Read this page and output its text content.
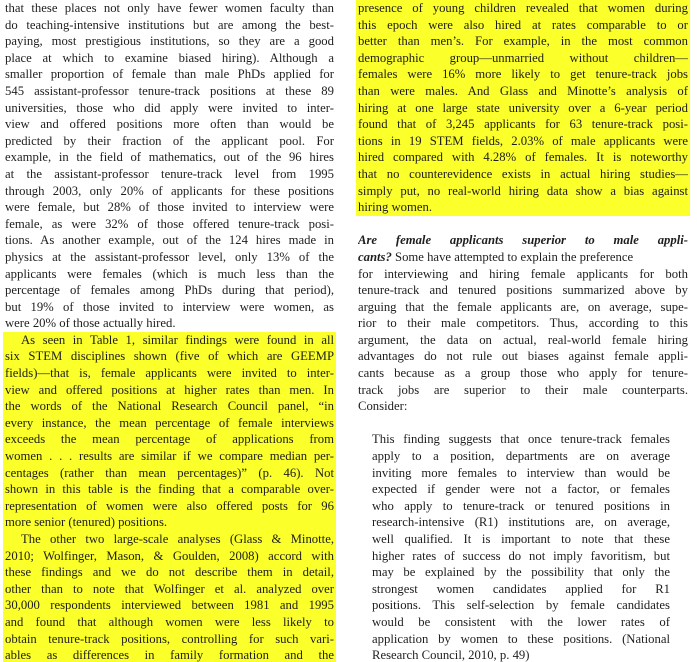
that these places not only have fewer women faculty than
do teaching-intensive institutions but are among the best-
paying, most prestigious institutions, so they are a good
place at which to examine biased hiring). Although a
smaller proportion of female than male PhDs applied for
545 assistant-professor tenure-track positions at these 89
universities, those who did apply were invited to inter-
view and offered positions more often than would be
predicted by their fraction of the applicant pool. For
example, in the field of mathematics, out of the 96 hires
at the assistant-professor tenure-track level from 1995
through 2003, only 20% of applicants for these positions
were female, but 28% of those invited to interview were
female, as were 32% of those offered tenure-track posi-
tions. As another example, out of the 124 hires made in
physics at the assistant-professor level, only 13% of the
applicants were females (which is much less than the
percentage of females among PhDs during that period),
but 19% of those invited to interview were women, as
were 20% of those actually hired.
As seen in Table 1, similar findings were found in all
six STEM disciplines shown (five of which are GEEMP
fields)—that is, female applicants were invited to inter-
view and offered positions at higher rates than men. In
the words of the National Research Council panel, “in
every instance, the mean percentage of female interviews
exceeds the mean percentage of applications from
women . . . results are similar if we compare median per-
centages (rather than mean percentages)” (p. 46). Not
shown in this table is the finding that a comparable over-
representation of women were also offered posts for 96
more senior (tenured) positions.
The other two large-scale analyses (Glass & Minotte,
2010; Wolfinger, Mason, & Goulden, 2008) accord with
these findings and we do not describe them in detail,
other than to note that Wolfinger et al. analyzed over
30,000 respondents interviewed between 1981 and 1995
and found that although women were less likely to
obtain tenure-track positions, controlling for such vari-
ables as differences in family formation and the
presence of young children revealed that women during
this epoch were also hired at rates comparable to or
better than men’s. For example, in the most common
demographic group—unmarried without children—
females were 16% more likely to get tenure-track jobs
than were males. And Glass and Minotte’s analysis of
hiring at one large state university over a 6-year period
found that of 3,245 applicants for 63 tenure-track posi-
tions in 19 STEM fields, 2.03% of male applicants were
hired compared with 4.28% of females. It is noteworthy
that no counterevidence exists in actual hiring studies—
simply put, no real-world hiring data show a bias against
hiring women.
Are female applicants superior to male appli-
cants? Some have attempted to explain the preference
for interviewing and hiring female applicants for both
tenure-track and tenured positions summarized above by
arguing that the female applicants are, on average, supe-
rior to their male competitors. Thus, according to this
argument, the data on actual, real-world female hiring
advantages do not rule out biases against female appli-
cants because as a group those who apply for tenure-
track jobs are superior to their male counterparts.
Consider:
This finding suggests that once tenure-track females
apply to a position, departments are on average
inviting more females to interview than would be
expected if gender were not a factor, or females
who apply to tenure-track or tenured positions in
research-intensive (R1) institutions are, on average,
well qualified. It is important to note that these
higher rates of success do not imply favoritism, but
may be explained by the possibility that only the
strongest women candidates applied for R1
positions. This self-selection by female candidates
would be consistent with the lower rates of
application by women to these positions. (National
Research Council, 2010, p. 49)
